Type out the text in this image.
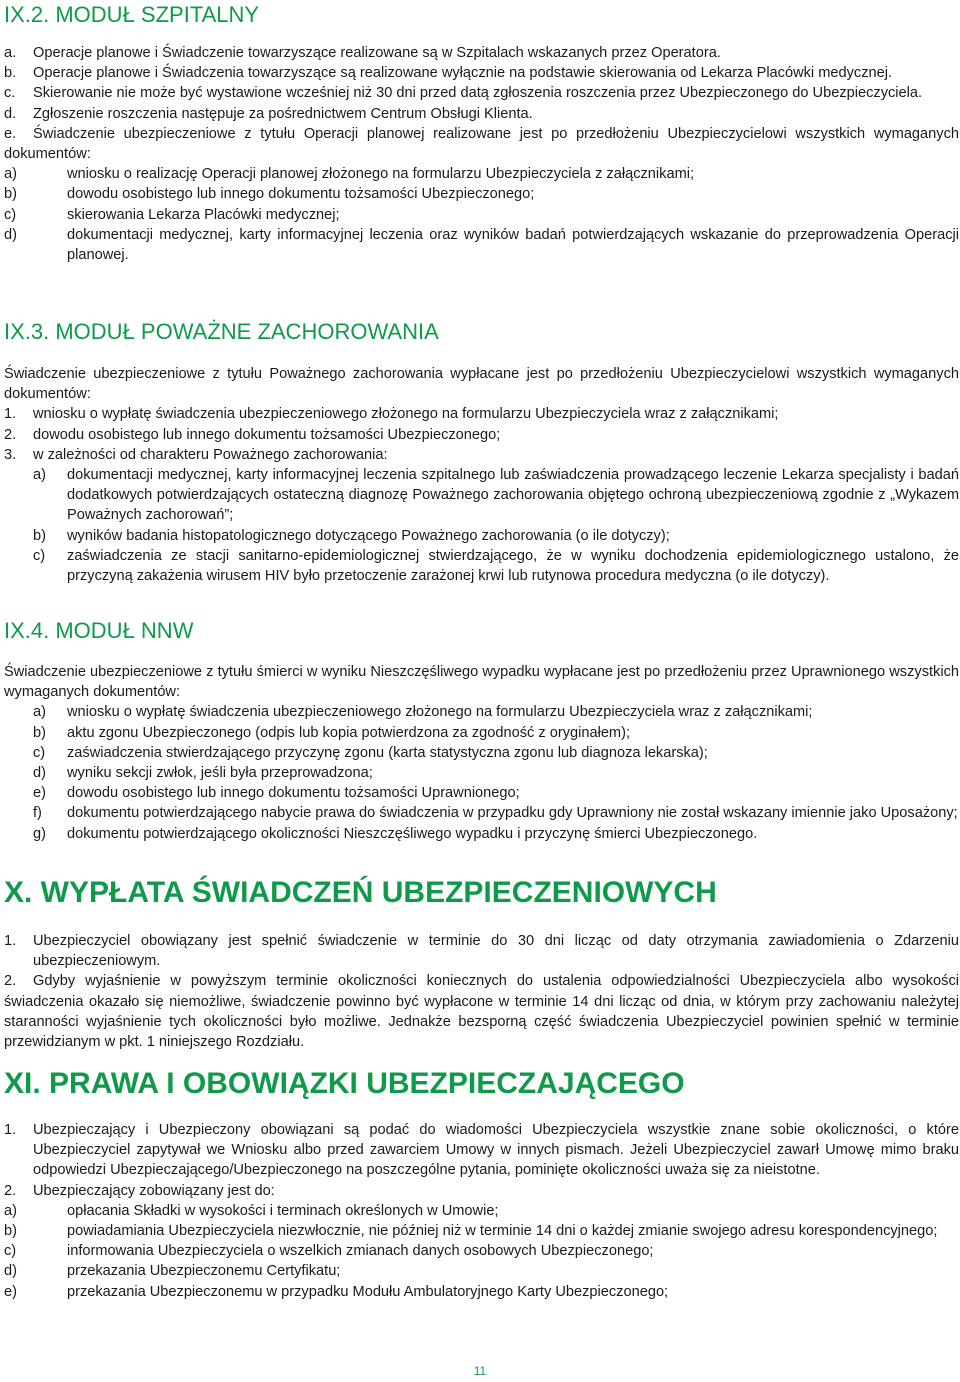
IX.2. MODUŁ SZPITALNY
a.	Operacje planowe i Świadczenie towarzyszące realizowane są w Szpitalach wskazanych przez Operatora.
b.	Operacje planowe i Świadczenia towarzyszące są realizowane wyłącznie na podstawie skierowania od Lekarza Placówki medycznej.
c.	Skierowanie nie może być wystawione wcześniej niż 30 dni przed datą zgłoszenia roszczenia przez Ubezpieczonego do Ubezpieczyciela.
d.	Zgłoszenie roszczenia następuje za pośrednictwem Centrum Obsługi Klienta.
e.	Świadczenie ubezpieczeniowe z tytułu Operacji planowej realizowane jest po przedłożeniu Ubezpieczycielowi wszystkich wymaganych dokumentów:
a)	wniosku o realizację Operacji planowej złożonego na formularzu Ubezpieczyciela z załącznikami;
b)	dowodu osobistego lub innego dokumentu tożsamości Ubezpieczonego;
c)	skierowania Lekarza Placówki medycznej;
d)	dokumentacji medycznej, karty informacyjnej leczenia oraz wyników badań potwierdzających wskazanie do przeprowadzenia Operacji planowej.
IX.3. MODUŁ POWAŻNE ZACHOROWANIA

Świadczenie ubezpieczeniowe z tytułu Poważnego zachorowania wypłacane jest po przedłożeniu Ubezpieczycielowi wszystkich wymaganych dokumentów:

1.	wniosku o wypłatę świadczenia ubezpieczeniowego złożonego na formularzu Ubezpieczyciela wraz z załącznikami;
2.	dowodu osobistego lub innego dokumentu tożsamości Ubezpieczonego;
3.	w zależności od charakteru Poważnego zachorowania:
a)	dokumentacji medycznej, karty informacyjnej leczenia szpitalnego lub zaświadczenia prowadzącego leczenie Lekarza specjalisty i badań dodatkowych potwierdzających ostateczną diagnozę Poważnego zachorowania objętego ochroną ubezpieczeniową zgodnie z „Wykazem Poważnych zachorowań”;
b)	wyników badania histopatologicznego dotyczącego Poważnego zachorowania (o ile dotyczy);
c)	zaświadczenia ze stacji sanitarno-epidemiologicznej stwierdzającego, że w wyniku dochodzenia epidemiologicznego ustalono, że przyczyną zakażenia wirusem HIV było przetoczenie zarażonej krwi lub rutynowa procedura medyczna (o ile dotyczy).
IX.4. MODUŁ NNW

Świadczenie ubezpieczeniowe z tytułu śmierci w wyniku Nieszczęśliwego wypadku wypłacane jest po przedłożeniu przez Uprawnionego wszystkich wymaganych dokumentów:

a)	wniosku o wypłatę świadczenia ubezpieczeniowego złożonego na formularzu Ubezpieczyciela wraz z załącznikami;
b)	aktu zgonu Ubezpieczonego (odpis lub kopia potwierdzona za zgodność z oryginałem);
c)	zaświadczenia stwierdzającego przyczynę zgonu (karta statystyczna zgonu lub diagnoza lekarska);
d)	wyniku sekcji zwłok, jeśli była przeprowadzona;
e)	dowodu osobistego lub innego dokumentu tożsamości Uprawnionego;
f)	dokumentu potwierdzającego nabycie prawa do świadczenia w przypadku gdy Uprawniony nie został wskazany imiennie jako Uposażony;
g)	dokumentu potwierdzającego okoliczności Nieszczęśliwego wypadku i przyczynę śmierci Ubezpieczonego.
X. WYPŁATA ŚWIADCZEŃ UBEZPIECZENIOWYCH
1.	Ubezpieczyciel obowiązany jest spełnić świadczenie w terminie do 30 dni licząc od daty otrzymania zawiadomienia o Zdarzeniu ubezpieczeniowym.
2.	Gdyby wyjaśnienie w powyższym terminie okoliczności koniecznych do ustalenia odpowiedzialności Ubezpieczyciela albo wysokości świadczenia okazało się niemożliwe, świadczenie powinno być wypłacone w terminie 14 dni licząc od dnia, w którym przy zachowaniu należytej staranności wyjaśnienie tych okoliczności było możliwe. Jednakże bezsporną część świadczenia Ubezpieczyciel powinien spełnić w terminie przewidzianym w pkt. 1 niniejszego Rozdziału.
XI. PRAWA I OBOWIĄZKI UBEZPIECZAJĄCEGO
1.	Ubezpieczający i Ubezpieczony obowiązani są podać do wiadomości Ubezpieczyciela wszystkie znane sobie okoliczności, o które Ubezpieczyciel zapytywał we Wniosku albo przed zawarciem Umowy w innych pismach. Jeżeli Ubezpieczyciel zawarł Umowę mimo braku odpowiedzi Ubezpieczającego/Ubezpieczonego na poszczególne pytania, pominięte okoliczności uważa się za nieistotne.
2.	Ubezpieczający zobowiązany jest do:
a)	opłacania Składki w wysokości i terminach określonych w Umowie;
b)	powiadamiania Ubezpieczyciela niezwłocznie, nie później niż w terminie 14 dni o każdej zmianie swojego adresu korespondencyjnego;
c)	informowania Ubezpieczyciela o wszelkich zmianach danych osobowych Ubezpieczonego;
d)	przekazania Ubezpieczonemu Certyfikatu;
e)	przekazania Ubezpieczonemu w przypadku Modułu Ambulatoryjnego Karty Ubezpieczonego;
11
